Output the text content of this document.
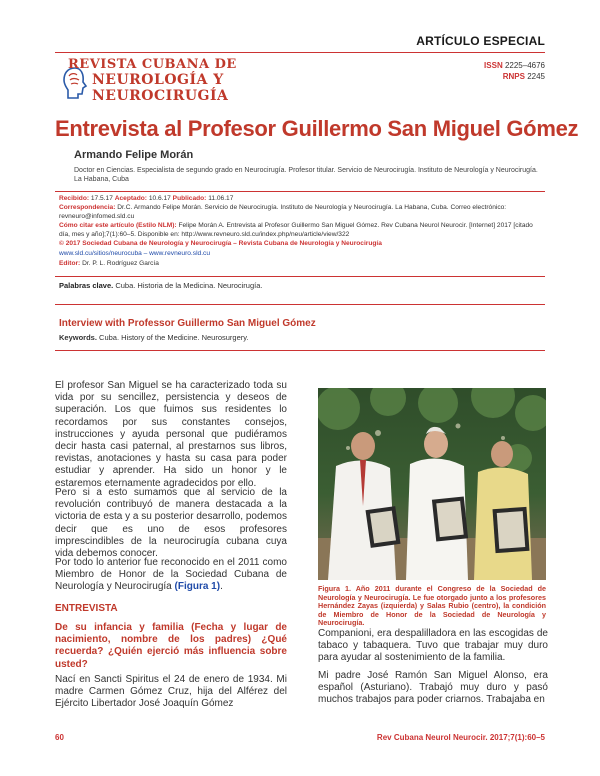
ARTÍCULO ESPECIAL
REVISTA CUBANA DE
NEUROLOGÍA Y
NEUROCIRUGÍA
ISSN 2225–4676
RNPS 2245
Entrevista al Profesor Guillermo San Miguel Gómez
Armando Felipe Morán
Doctor en Ciencias. Especialista de segundo grado en Neurocirugía. Profesor titular. Servicio de Neurocirugía. Instituto de Neurología y Neurocirugía. La Habana, Cuba
Recibido: 17.5.17 Aceptado: 10.6.17 Publicado: 11.06.17
Correspondencia: Dr.C. Armando Felipe Morán. Servicio de Neurocirugía. Instituto de Neurología y Neurocirugía. La Habana, Cuba. Correo electrónico: revneuro@infomed.sld.cu
Cómo citar este artículo (Estilo NLM): Felipe Morán A. Entrevista al Profesor Guillermo San Miguel Gómez. Rev Cubana Neurol Neurocir. [Internet] 2017 [citado día, mes y año];7(1):60–5. Disponible en: http://www.revneuro.sld.cu/index.php/neu/article/view/322
© 2017 Sociedad Cubana de Neurología y Neurocirugía – Revista Cubana de Neurología y Neurocirugía
www.sld.cu/sitios/neurocuba – www.revneuro.sld.cu
Editor: Dr. P. L. Rodríguez García
Palabras clave. Cuba. Historia de la Medicina. Neurocirugía.
Interview with Professor Guillermo San Miguel Gómez
Keywords. Cuba. History of the Medicine. Neurosurgery.
El profesor San Miguel se ha caracterizado toda su vida por su sencillez, persistencia y deseos de superación. Los que fuimos sus residentes lo recordamos por sus constantes consejos, instrucciones y ayuda personal que pudiéramos decir hasta casi paternal, al prestarnos sus libros, revistas, anotaciones y hasta su casa para poder estudiar y aprender. Ha sido un honor y le estaremos eternamente agradecidos por ello.
Pero si a esto sumamos que al servicio de la revolución contribuyó de manera destacada a la victoria de esta y a su posterior desarrollo, podemos decir que es uno de esos profesores imprescindibles de la neurocirugía cubana cuya vida debemos conocer.
Por todo lo anterior fue reconocido en el 2011 como Miembro de Honor de la Sociedad Cubana de Neurología y Neurocirugía (Figura 1).
ENTREVISTA
De su infancia y familia (Fecha y lugar de nacimiento, nombre de los padres) ¿Qué recuerda? ¿Quién ejerció más influencia sobre usted?
Nací en Sancti Spiritus el 24 de enero de 1934. Mi madre Carmen Gómez Cruz, hija del Alférez del Ejército Libertador José Joaquín Gómez
Figura 1. Año 2011 durante el Congreso de la Sociedad de Neurología y Neurocirugía. Le fue otorgado junto a los profesores Hernández Zayas (izquierda) y Salas Rubio (centro), la condición de Miembro de Honor de la Sociedad de Neurología y Neurocirugía.
Companioni, era despalilladora en las escogidas de tabaco y tabaquera. Tuvo que trabajar muy duro para ayudar al sostenimiento de la familia.
Mi padre José Ramón San Miguel Alonso, era español (Asturiano). Trabajó muy duro y pasó muchos trabajos para poder criarnos. Trabajaba en
60	Rev Cubana Neurol Neurocir. 2017;7(1):60–5
